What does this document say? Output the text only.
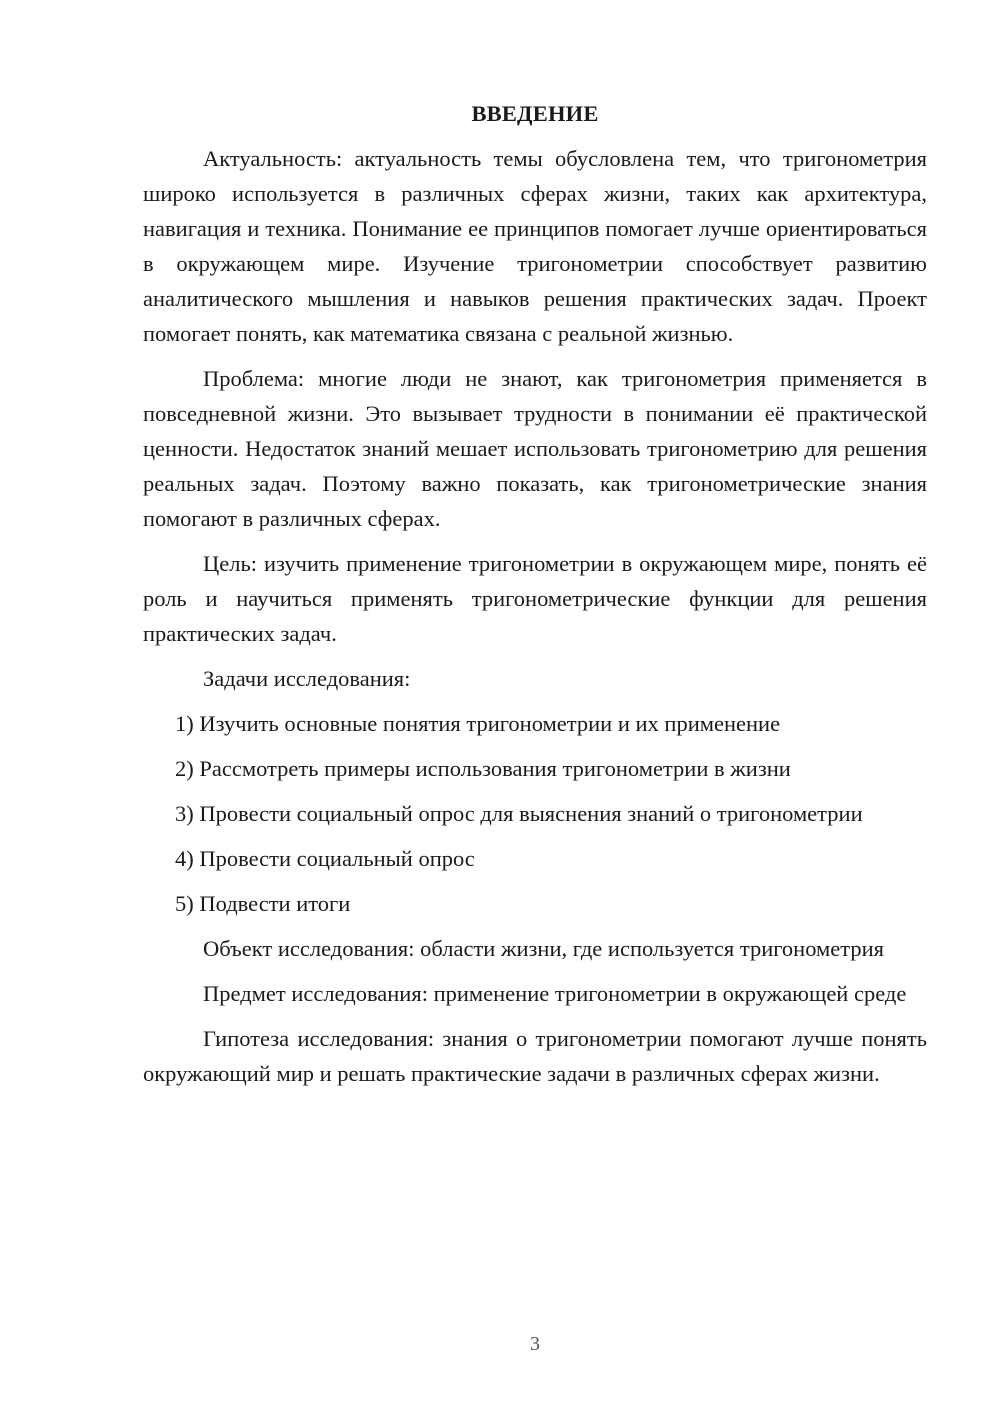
ВВЕДЕНИЕ
Актуальность: актуальность темы обусловлена тем, что тригонометрия широко используется в различных сферах жизни, таких как архитектура, навигация и техника. Понимание ее принципов помогает лучше ориентироваться в окружающем мире. Изучение тригонометрии способствует развитию аналитического мышления и навыков решения практических задач. Проект помогает понять, как математика связана с реальной жизнью.
Проблема: многие люди не знают, как тригонометрия применяется в повседневной жизни. Это вызывает трудности в понимании её практической ценности. Недостаток знаний мешает использовать тригонометрию для решения реальных задач. Поэтому важно показать, как тригонометрические знания помогают в различных сферах.
Цель: изучить применение тригонометрии в окружающем мире, понять её роль и научиться применять тригонометрические функции для решения практических задач.
Задачи исследования:
1) Изучить основные понятия тригонометрии и их применение
2) Рассмотреть примеры использования тригонометрии в жизни
3) Провести социальный опрос для выяснения знаний о тригонометрии
4) Провести социальный опрос
5) Подвести итоги
Объект исследования: области жизни, где используется тригонометрия
Предмет исследования: применение тригонометрии в окружающей среде
Гипотеза исследования: знания о тригонометрии помогают лучше понять окружающий мир и решать практические задачи в различных сферах жизни.
3
